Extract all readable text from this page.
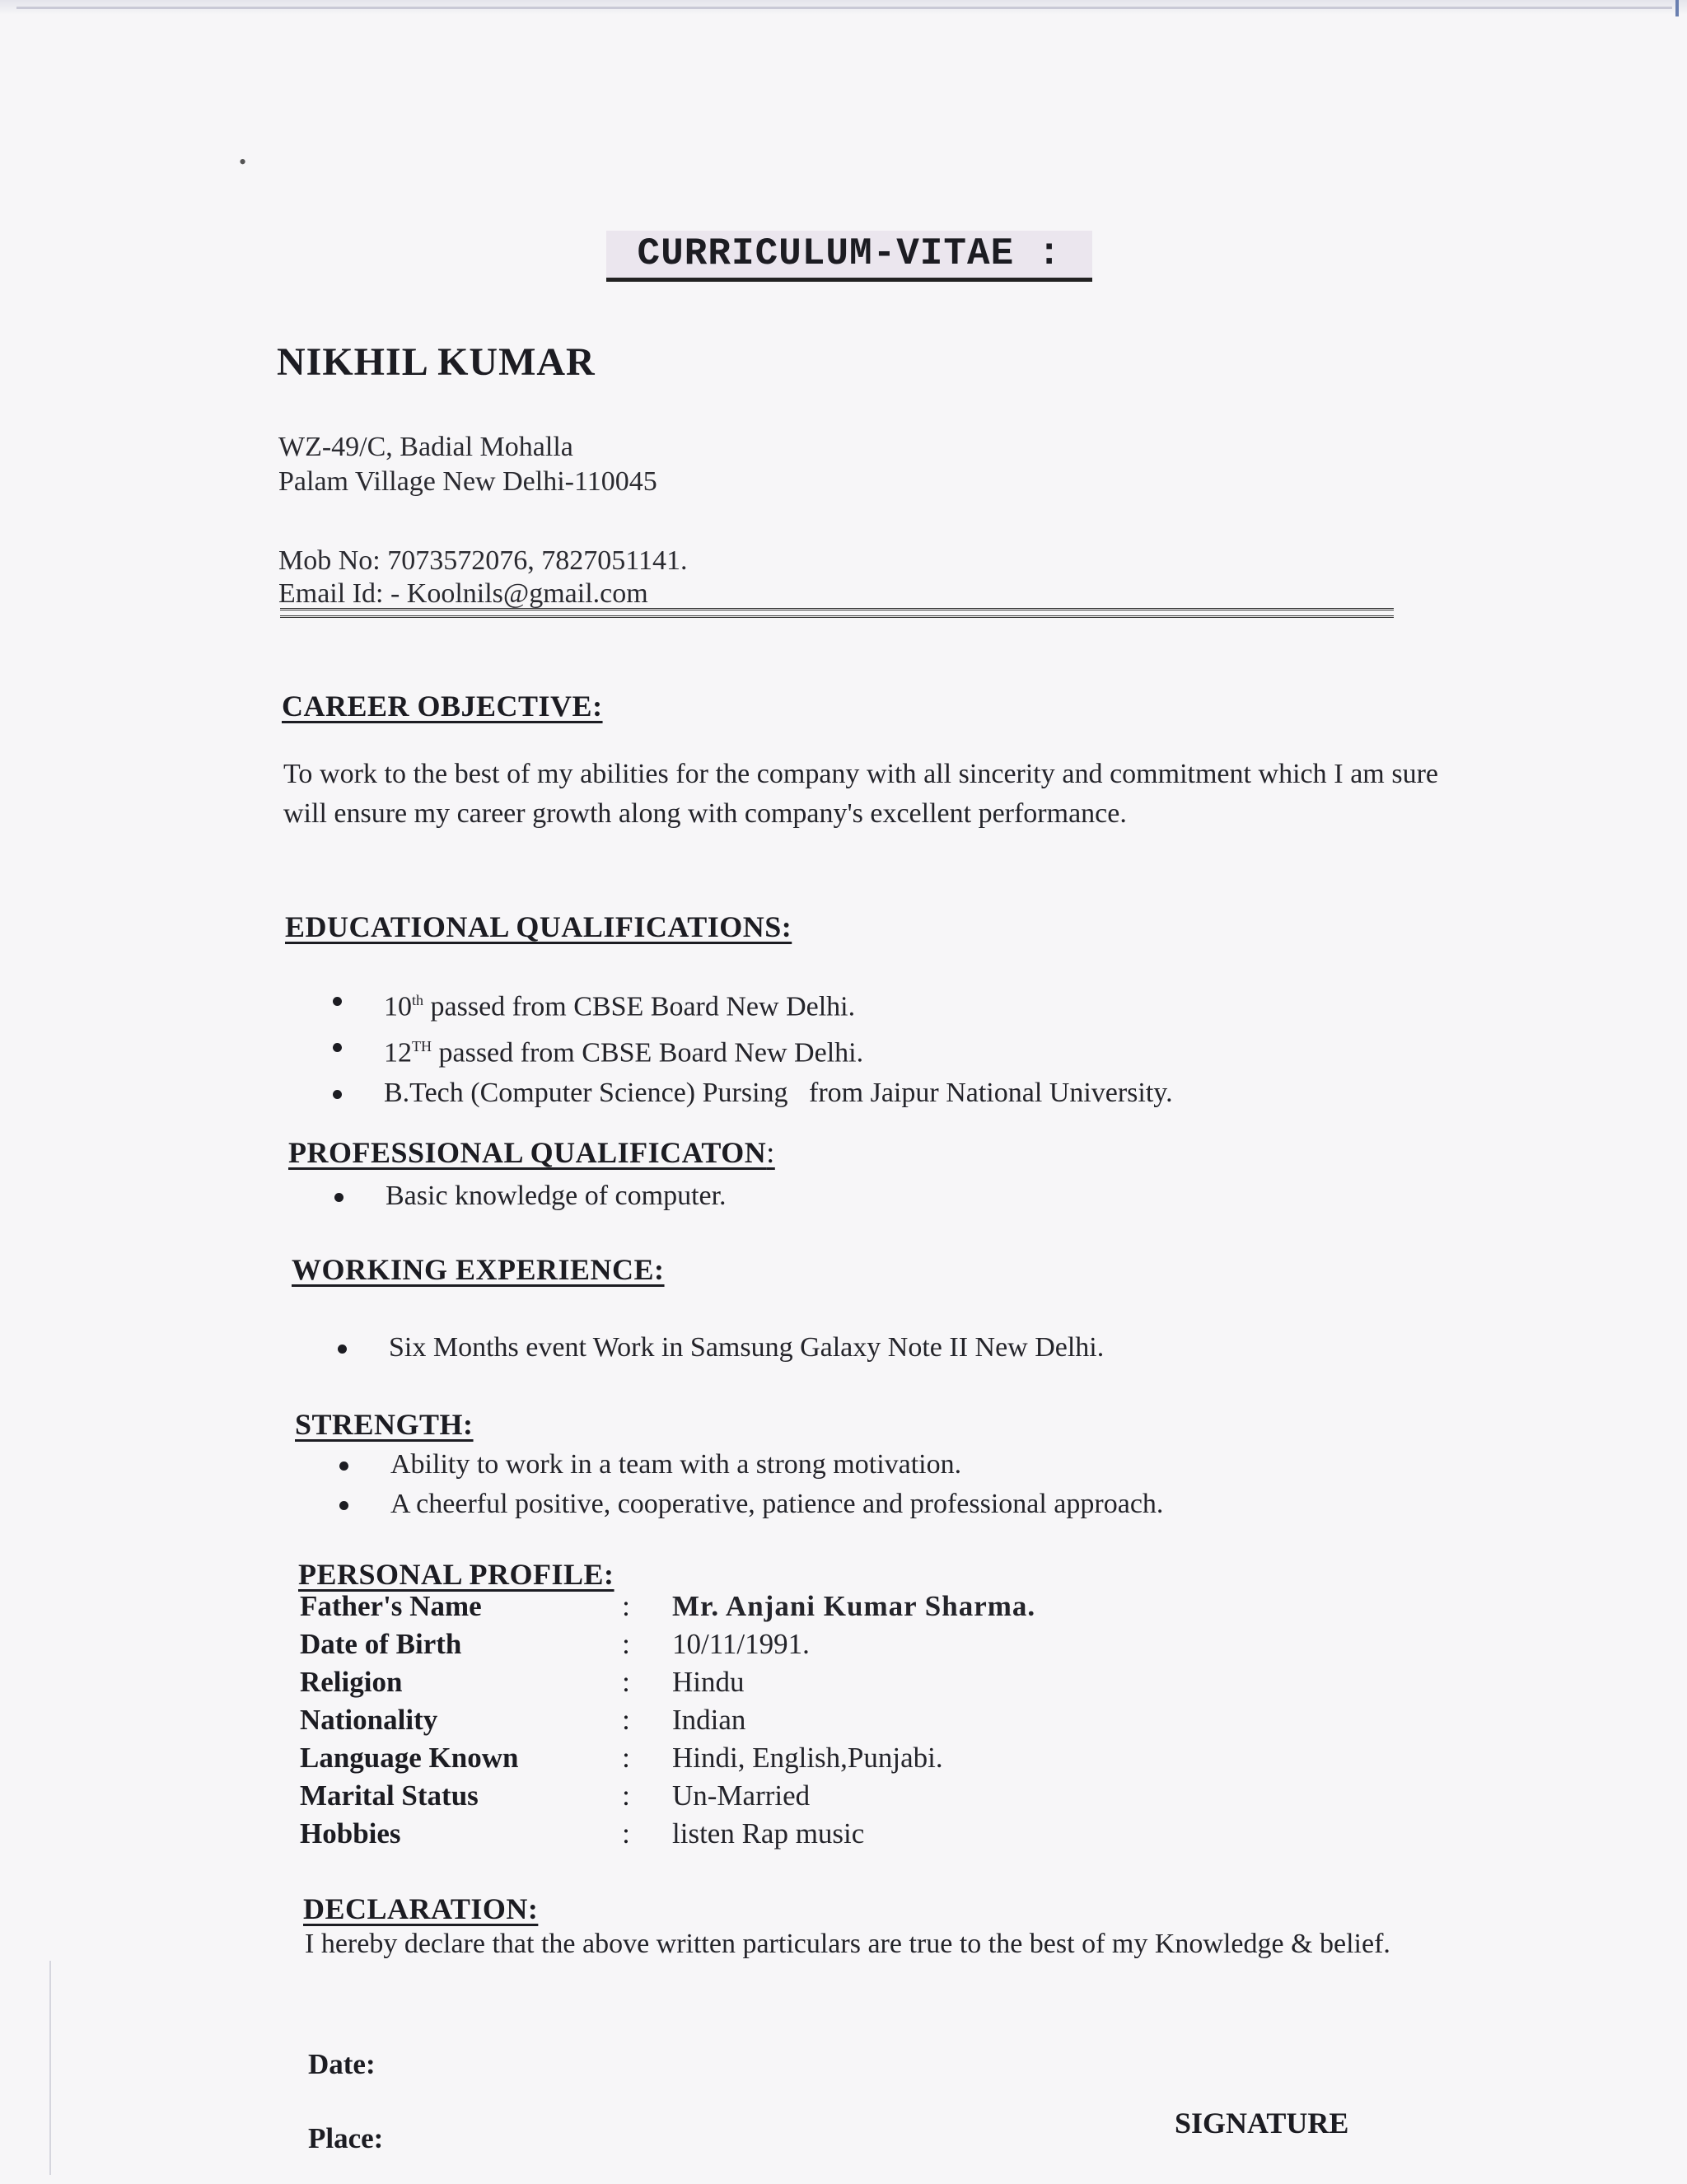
•
CURRICULUM-VITAE :
NIKHIL KUMAR
WZ-49/C, Badial Mohalla
Palam Village New Delhi-110045
Mob No: 7073572076, 7827051141.
Email Id: - Koolnils@gmail.com
CAREER OBJECTIVE:
To work to the best of my abilities for the company with all sincerity and commitment which I am sure will ensure my career growth along with company's excellent performance.
EDUCATIONAL QUALIFICATIONS:
10th passed from CBSE Board New Delhi.
12TH passed from CBSE Board New Delhi.
B.Tech (Computer Science) Pursing   from Jaipur National University.
PROFESSIONAL QUALIFICATON:
Basic knowledge of computer.
WORKING EXPERIENCE:
Six Months event Work in Samsung Galaxy Note II New Delhi.
STRENGTH:
Ability to work in a team with a strong motivation.
A cheerful positive, cooperative, patience and professional approach.
PERSONAL PROFILE:
Father's Name	:	Mr. Anjani Kumar Sharma.
Date of Birth	:	10/11/1991.
Religion	:	Hindu
Nationality	:	Indian
Language Known	:	Hindi, English,Punjabi.
Marital Status	:	Un-Married
Hobbies	:	listen Rap music
DECLARATION:
I hereby declare that the above written particulars are true to the best of my Knowledge & belief.
Date:
Place:	SIGNATURE
